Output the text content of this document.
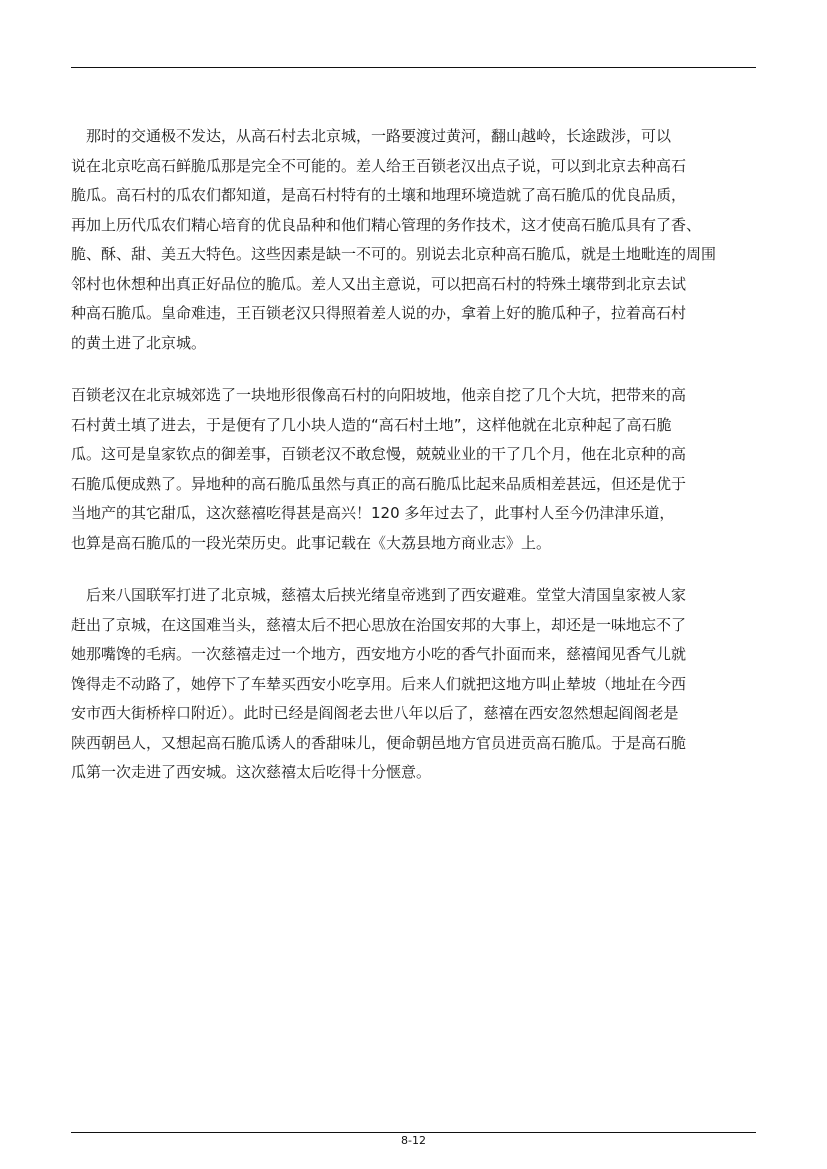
　那时的交通极不发达，从高石村去北京城，一路要渡过黄河，翻山越岭，长途跋涉，可以
说在北京吃高石鲜脆瓜那是完全不可能的。差人给王百锁老汉出点子说，可以到北京去种高石
脆瓜。高石村的瓜农们都知道，是高石村特有的土壤和地理环境造就了高石脆瓜的优良品质，
再加上历代瓜农们精心培育的优良品种和他们精心管理的务作技术，这才使高石脆瓜具有了香、
脆、酥、甜、美五大特色。这些因素是缺一不可的。别说去北京种高石脆瓜，就是土地毗连的周围
邻村也休想种出真正好品位的脆瓜。差人又出主意说，可以把高石村的特殊土壤带到北京去试
种高石脆瓜。皇命难违，王百锁老汉只得照着差人说的办，拿着上好的脆瓜种子，拉着高石村
的黄土进了北京城。

百锁老汉在北京城郊选了一块地形很像高石村的向阳坡地，他亲自挖了几个大坑，把带来的高
石村黄土填了进去，于是便有了几小块人造的“高石村土地”，这样他就在北京种起了高石脆
瓜。这可是皇家钦点的御差事，百锁老汉不敢怠慢，兢兢业业的干了几个月，他在北京种的高
石脆瓜便成熟了。异地种的高石脆瓜虽然与真正的高石脆瓜比起来品质相差甚远，但还是优于
当地产的其它甜瓜，这次慈禧吃得甚是高兴！120 多年过去了，此事村人至今仍津津乐道，
也算是高石脆瓜的一段光荣历史。此事记载在《大荔县地方商业志》上。

　后来八国联军打进了北京城，慈禧太后挟光绪皇帝逃到了西安避难。堂堂大清国皇家被人家
赶出了京城，在这国难当头，慈禧太后不把心思放在治国安邦的大事上，却还是一味地忘不了
她那嘴馋的毛病。一次慈禧走过一个地方，西安地方小吃的香气扑面而来，慈禧闻见香气儿就
馋得走不动路了，她停下了车辇买西安小吃享用。后来人们就把这地方叫止辇坡（地址在今西
安市西大街桥梓口附近）。此时已经是阎阁老去世八年以后了，慈禧在西安忽然想起阎阁老是
陕西朝邑人，又想起高石脆瓜诱人的香甜味儿，便命朝邑地方官员进贡高石脆瓜。于是高石脆
瓜第一次走进了西安城。这次慈禧太后吃得十分惬意。

8-12
